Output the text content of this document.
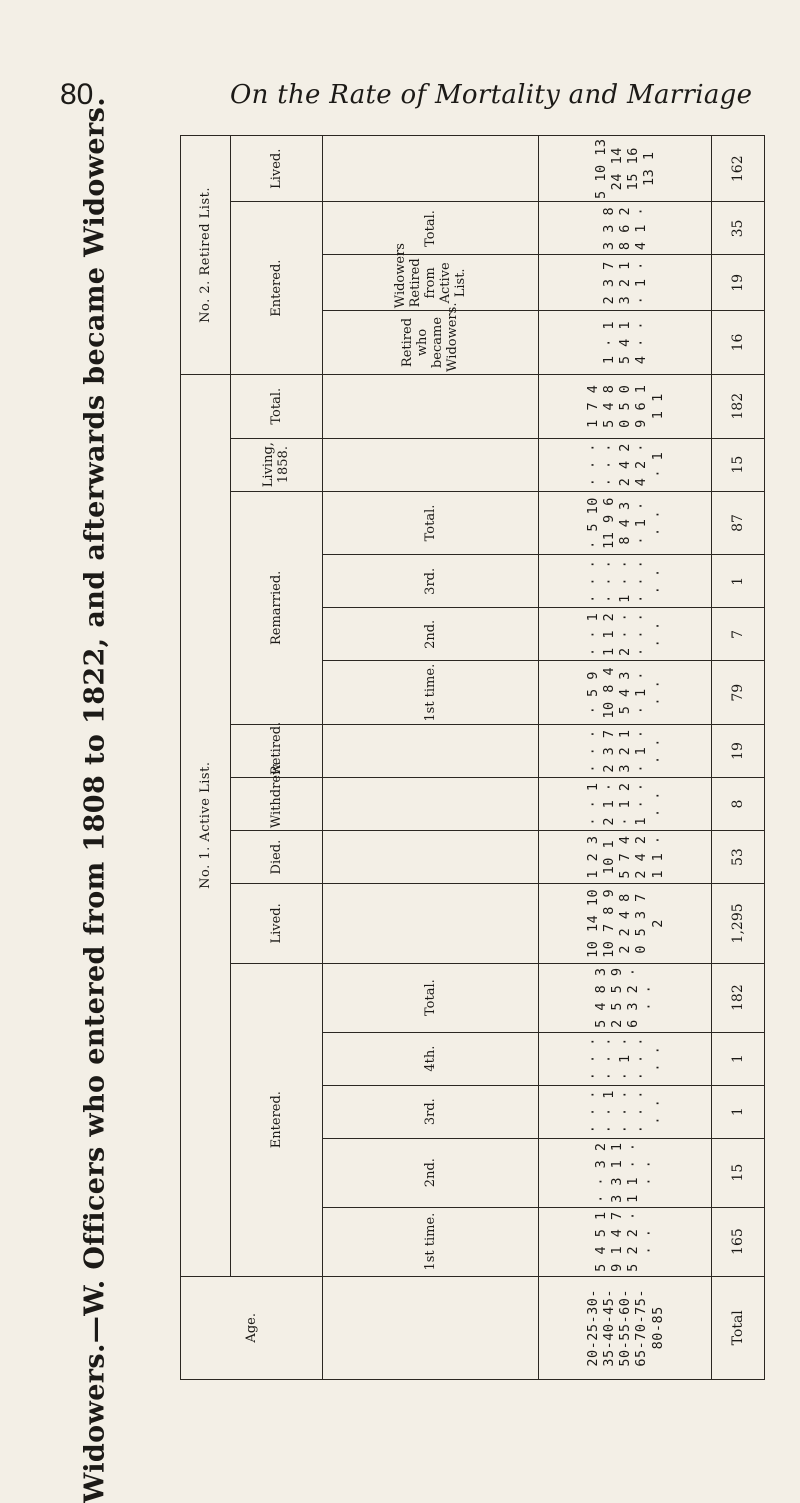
80	On the Rate of Mortality and Marriage
Widowers.—W. Officers who entered from 1808 to 1822, and afterwards became Widowers.	Age.	No. 1. Active List.															No. 2. Retired List.			
	Entered.					Lived.	Died.	Withdrew.	Retired.	Remarried.				Living, 1858.	Total.	Entered.			Lived.
	1st time.	2nd.	3rd.	4th.	Total.					1st time.	2nd.	3rd.	Total.			Retired who became Widowers.	Widowers Retired from Active List.	Total.	
20-25-30-35-40-45-50-55-60-65-70-75-80-85	5 4 5 1 9 1 4 7 5 2 2 · · ·	· · 3 2 3 3 1 1 1 1 · · · ·	· · · · · 1 · · · · · · · ·	· · · · · · · 1 · · · · · ·	5 4 8 3 2 5 5 9 6 3 2 · · ·	10 14 10 10 7 8 9 2 2 4 8 0 5 3 7 2	1 2 3 10 1 5 7 4 2 4 2 1 1 ·	· · 1 2 1 · · 1 2 1 · · · ·	· · · 2 3 7 3 2 1 · 1 · · ·	· 5 9 10 8 4 5 4 3 · 1 · · ·	· · 1 1 1 2 2 · · · · · · ·	· · · · · · 1 · · · · · · ·	· 5 10 11 9 6 8 4 3 · 1 · · ·	· · · · · · 2 4 2 4 2 · · 1	1 7 4 5 4 8 0 5 0 9 6 1 1 1	1 · 1 5 4 1 4 · ·	2 3 7 3 2 1 · 1 ·	3 3 8 8 6 2 4 1 ·	5 10 13 24 14 15 16 13 1
Total	165	15	1	1	182	1,295	53	8	19	79	7	1	87	15	182	16	19	35	162
